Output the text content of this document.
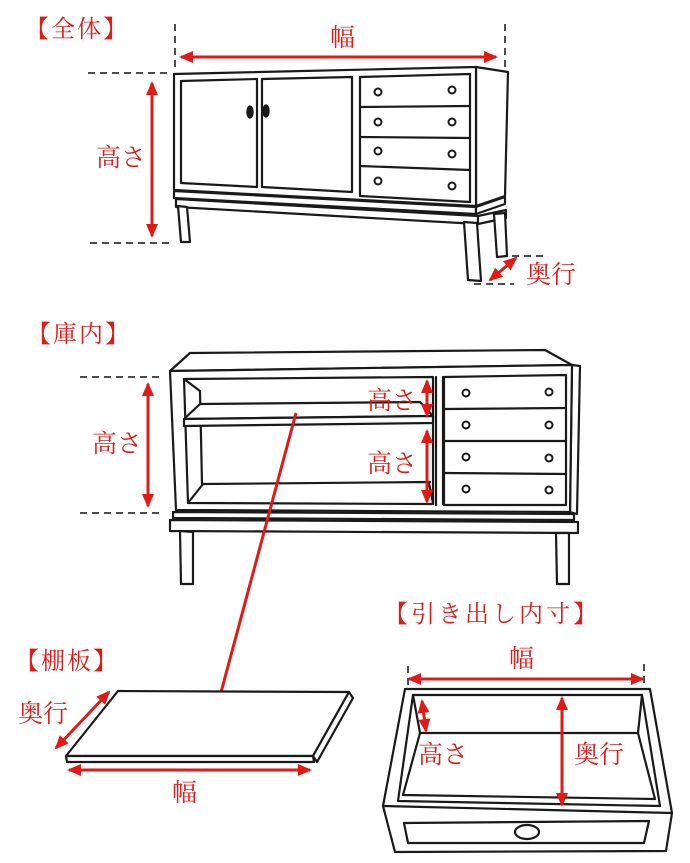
【全体】	幅
高さ
奥行
【庫内】
高さ
高さ
高さ
【棚板】
奥行
幅
【引き出し内寸】
幅
高さ	奥行
